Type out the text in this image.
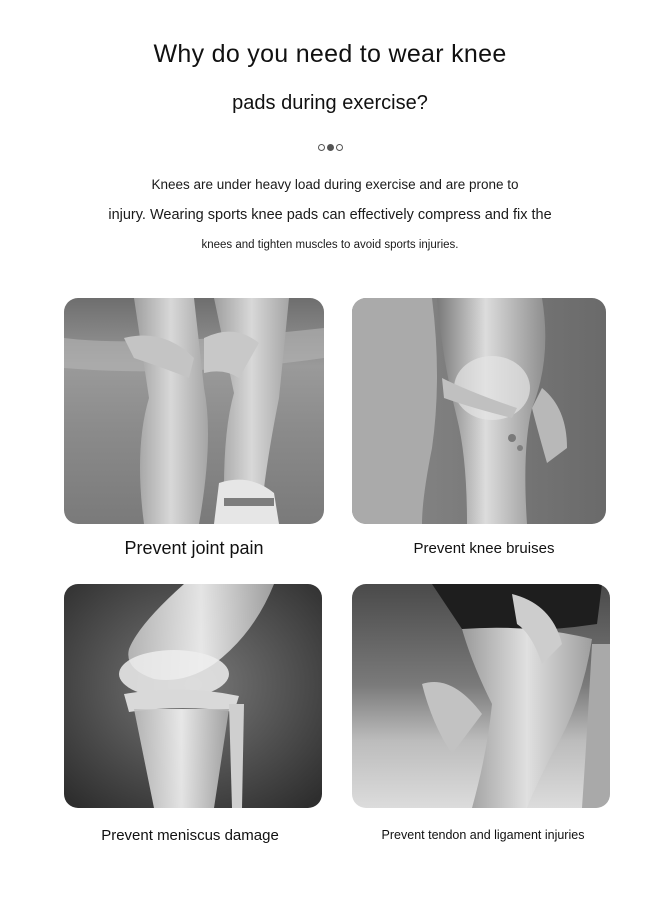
Why do you need to wear knee
pads during exercise?
Knees are under heavy load during exercise and are prone to
injury. Wearing sports knee pads can effectively compress and fix the
knees and tighten muscles to avoid sports injuries.
Prevent joint pain	Prevent knee bruises
Prevent meniscus damage	Prevent tendon and ligament injuries
